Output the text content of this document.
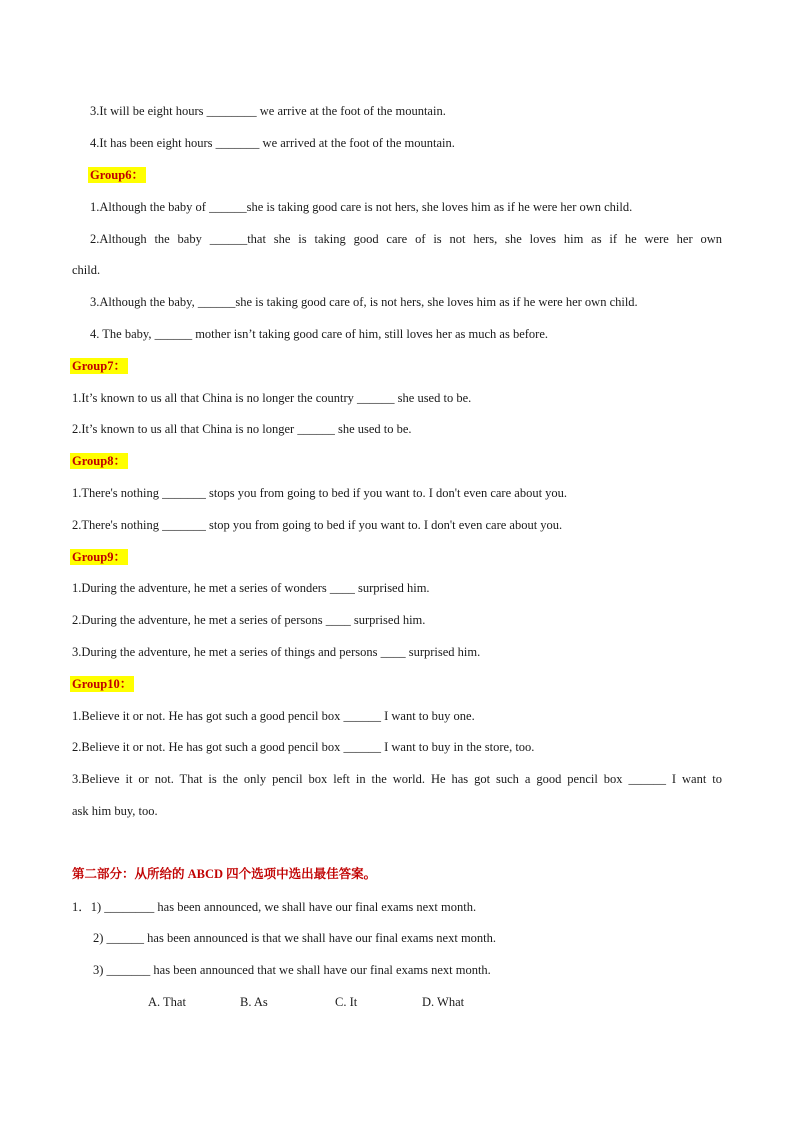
3.It will be eight hours ________ we arrive at the foot of the mountain.
4.It has been eight hours _______ we arrived at the foot of the mountain.
Group6：
1.Although the baby of ______she is taking good care is not hers, she loves him as if he were her own child.
2.Although the baby ______that she is taking good care of is not hers, she loves him as if he were her own
child.
3.Although the baby, ______she is taking good care of, is not hers, she loves him as if he were her own child.
4. The baby, ______ mother isn’t taking good care of him, still loves her as much as before.
Group7：
1.It’s known to us all that China is no longer the country ______ she used to be.
2.It’s known to us all that China is no longer ______ she used to be.
Group8：
1.There's nothing _______ stops you from going to bed if you want to. I don't even care about you.
2.There's nothing _______ stop you from going to bed if you want to. I don't even care about you.
Group9：
1.During the adventure, he met a series of wonders ____ surprised him.
2.During the adventure, he met a series of persons ____ surprised him.
3.During the adventure, he met a series of things and persons ____ surprised him.
Group10：
1.Believe it or not. He has got such a good pencil box ______ I want to buy one.
2.Believe it or not. He has got such a good pencil box ______ I want to buy in the store, too.
3.Believe it or not. That is the only pencil box left in the world. He has got such a good pencil box ______ I want to
ask him buy, too.
第二部分：从所给的 ABCD 四个选项中选出最佳答案。
1．1) ________ has been announced, we shall have our final exams next month.
2) ______ has been announced is that we shall have our final exams next month.
3) _______ has been announced that we shall have our final exams next month.
A. That	B. As	C. It	D. What
